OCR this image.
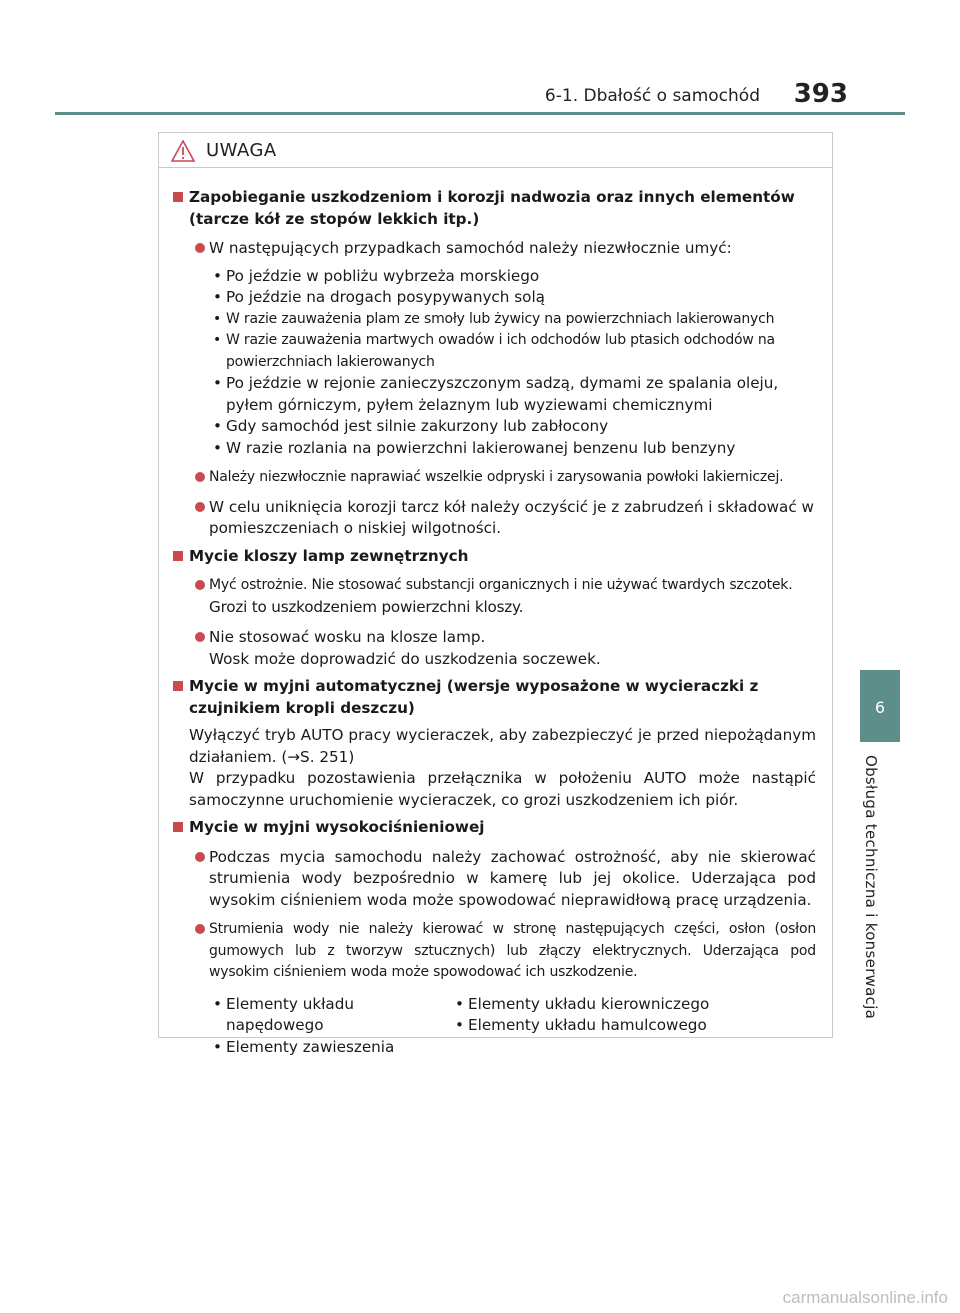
6-1. Dbałość o samochód 393
6
Obsługa techniczna i konserwacja
UWAGA
Zapobieganie uszkodzeniom i korozji nadwozia oraz innych elementów (tarcze kół ze stopów lekkich itp.)
W następujących przypadkach samochód należy niezwłocznie umyć:
• Po jeździe w pobliżu wybrzeża morskiego
• Po jeździe na drogach posypywanych solą
• W razie zauważenia plam ze smoły lub żywicy na powierzchniach lakierowanych
• W razie zauważenia martwych owadów i ich odchodów lub ptasich odchodów na powierzchniach lakierowanych
• Po jeździe w rejonie zanieczyszczonym sadzą, dymami ze spalania oleju, pyłem górniczym, pyłem żelaznym lub wyziewami chemicznymi
• Gdy samochód jest silnie zakurzony lub zabłocony
• W razie rozlania na powierzchni lakierowanej benzenu lub benzyny
Należy niezwłocznie naprawiać wszelkie odpryski i zarysowania powłoki lakierniczej.
W celu uniknięcia korozji tarcz kół należy oczyścić je z zabrudzeń i składować w pomieszczeniach o niskiej wilgotności.
Mycie kloszy lamp zewnętrznych
Myć ostrożnie. Nie stosować substancji organicznych i nie używać twardych szczotek.
Grozi to uszkodzeniem powierzchni kloszy.
Nie stosować wosku na klosze lamp.
Wosk może doprowadzić do uszkodzenia soczewek.
Mycie w myjni automatycznej (wersje wyposażone w wycieraczki z czujnikiem kropli deszczu)
Wyłączyć tryb AUTO pracy wycieraczek, aby zabezpieczyć je przed niepożądanym działaniem. (→S. 251)
W przypadku pozostawienia przełącznika w położeniu AUTO może nastąpić samoczynne uruchomienie wycieraczek, co grozi uszkodzeniem ich piór.
Mycie w myjni wysokociśnieniowej
Podczas mycia samochodu należy zachować ostrożność, aby nie skierować strumienia wody bezpośrednio w kamerę lub jej okolice. Uderzająca pod wysokim ciśnieniem woda może spowodować nieprawidłową pracę urządzenia.
Strumienia wody nie należy kierować w stronę następujących części, osłon (osłon gumowych lub z tworzyw sztucznych) lub złączy elektrycznych. Uderzająca pod wysokim ciśnieniem woda może spowodować ich uszkodzenie.
• Elementy układu napędowego
• Elementy zawieszenia
• Elementy układu kierowniczego
• Elementy układu hamulcowego
carmanualsonline.info
